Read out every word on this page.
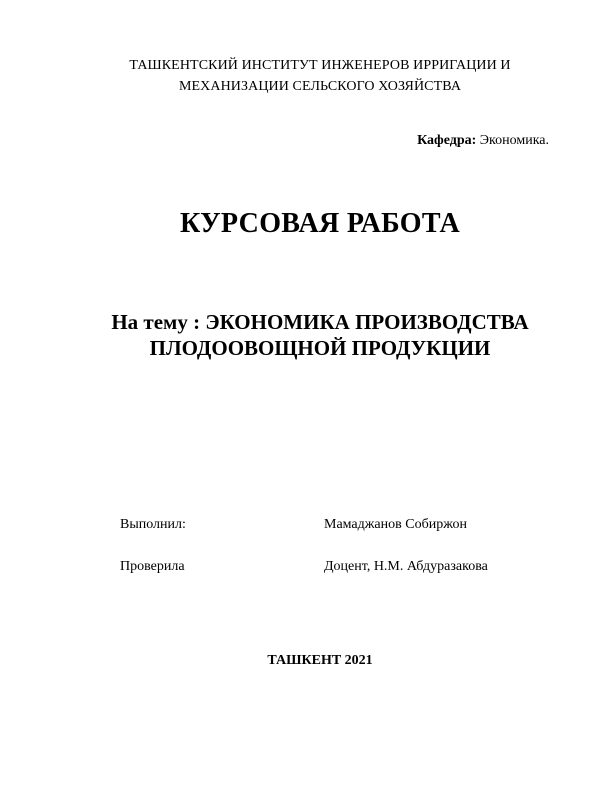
ТАШКЕНТСКИЙ ИНСТИТУТ ИНЖЕНЕРОВ ИРРИГАЦИИ И
МЕХАНИЗАЦИИ СЕЛЬСКОГО ХОЗЯЙСТВА
Кафедра: Экономика.
КУРСОВАЯ РАБОТА
На тему : ЭКОНОМИКА ПРОИЗВОДСТВА
ПЛОДООВОЩНОЙ ПРОДУКЦИИ
Выполнил:	Мамаджанов Собиржон
Проверила	Доцент, Н.М. Абдуразакова
ТАШКЕНТ 2021
